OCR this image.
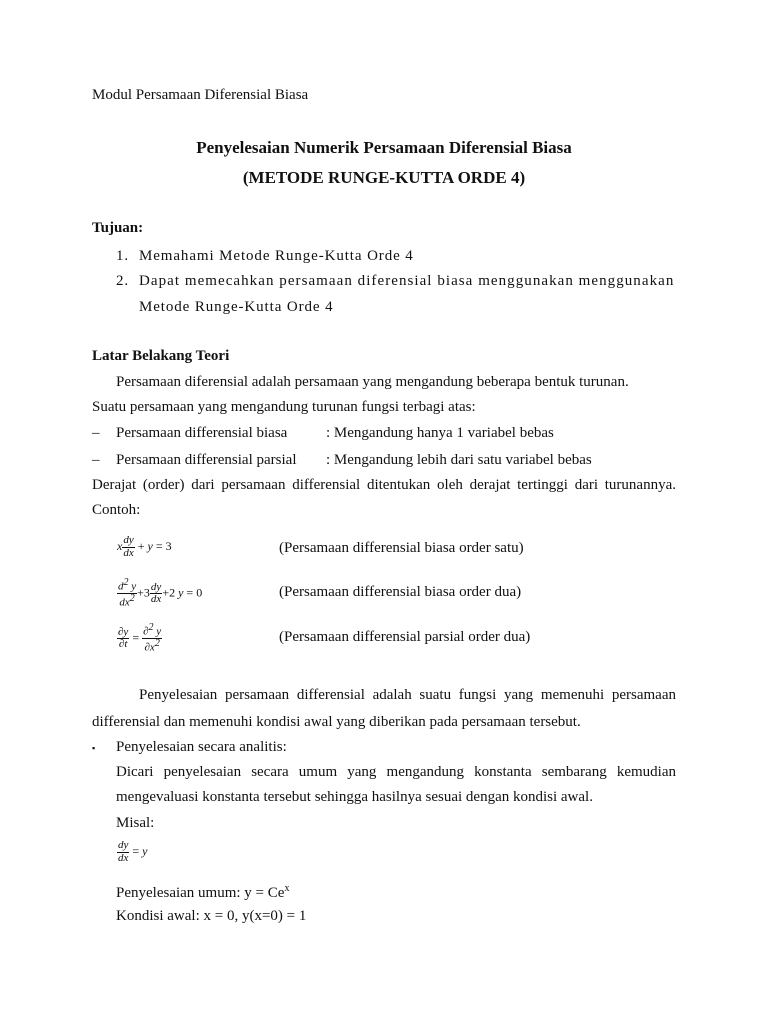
Modul Persamaan Diferensial Biasa
Penyelesaian Numerik Persamaan Diferensial Biasa
(METODE RUNGE-KUTTA ORDE 4)
Tujuan:
1. Memahami Metode Runge-Kutta Orde 4
2. Dapat memecahkan persamaan diferensial biasa menggunakan menggunakan
Metode Runge-Kutta Orde 4
Latar Belakang Teori
Persamaan diferensial adalah persamaan yang mengandung beberapa bentuk turunan.
Suatu persamaan yang mengandung turunan fungsi terbagi atas:
– Persamaan differensial biasa	: Mengandung hanya 1 variabel bebas
– Persamaan differensial parsial : Mengandung lebih dari satu variabel bebas
Derajat (order) dari persamaan differensial ditentukan oleh derajat tertinggi dari turunannya.
Contoh:
x $\frac{dy}{dx} + y = 3$	(Persamaan differensial biasa order satu)
$\frac{d^2 y}{dx^2} +3 \frac{dy}{dx} +2$ y = 0	(Persamaan differensial biasa order dua)
$\frac{\partial y}{\partial t} = \frac{\partial^2 y}{\partial x^2}$	(Persamaan differensial parsial order dua)
Penyelesaian persamaan differensial adalah suatu fungsi yang memenuhi persamaan
differensial dan memenuhi kondisi awal yang diberikan pada persamaan tersebut.
▪ Penyelesaian secara analitis:
Dicari penyelesaian secara umum yang mengandung konstanta sembarang kemudian
mengevaluasi konstanta tersebut sehingga hasilnya sesuai dengan kondisi awal.
Misal:
$\frac{dy}{dx} = y$
Penyelesaian umum: $y = Ce^x$
Kondisi awal: x = 0, y(x=0) = 1
